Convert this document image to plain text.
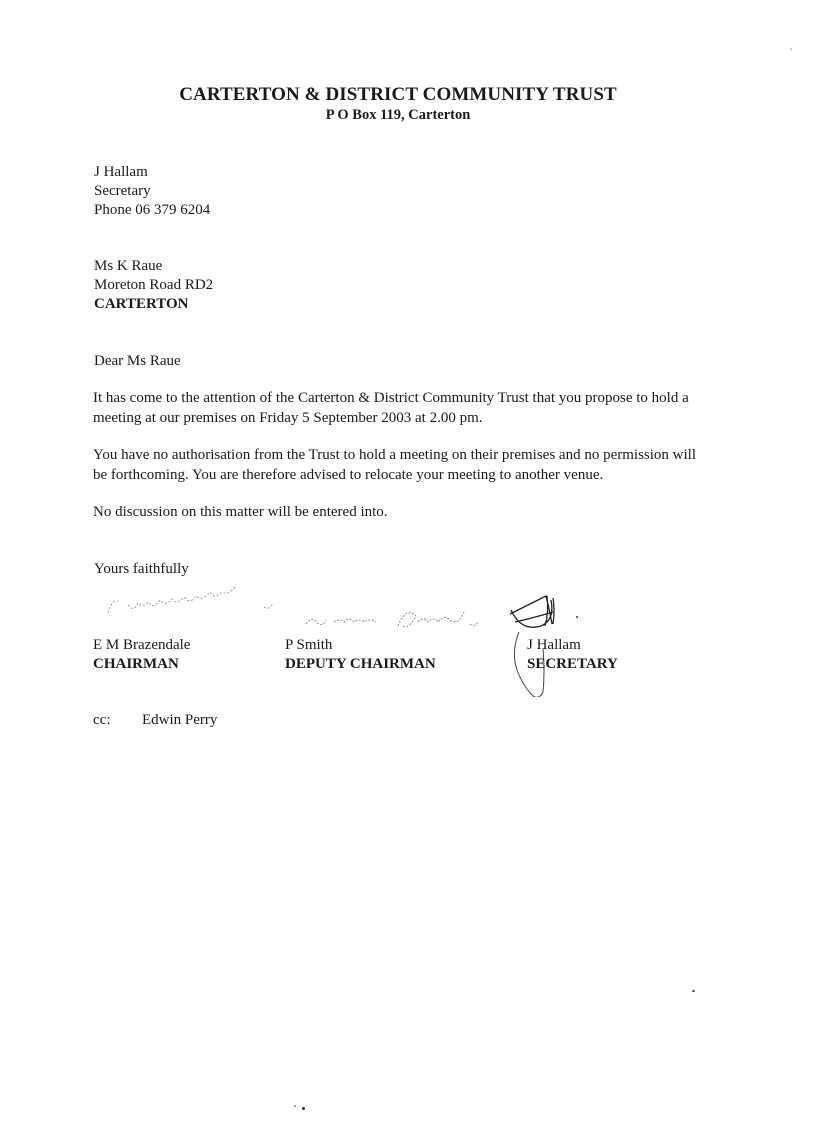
CARTERTON & DISTRICT COMMUNITY TRUST
P O Box 119, Carterton
J Hallam
Secretary
Phone 06 379 6204
Ms K Raue
Moreton Road RD2
CARTERTON
Dear Ms Raue
It has come to the attention of the Carterton & District Community Trust that you propose to hold a meeting at our premises on Friday 5 September 2003 at 2.00 pm.
You have no authorisation from the Trust to hold a meeting on their premises and no permission will be forthcoming. You are therefore advised to relocate your meeting to another venue.
No discussion on this matter will be entered into.
Yours faithfully
E M Brazendale
CHAIRMAN
P Smith
DEPUTY CHAIRMAN
J Hallam
SECRETARY
cc: Edwin Perry
